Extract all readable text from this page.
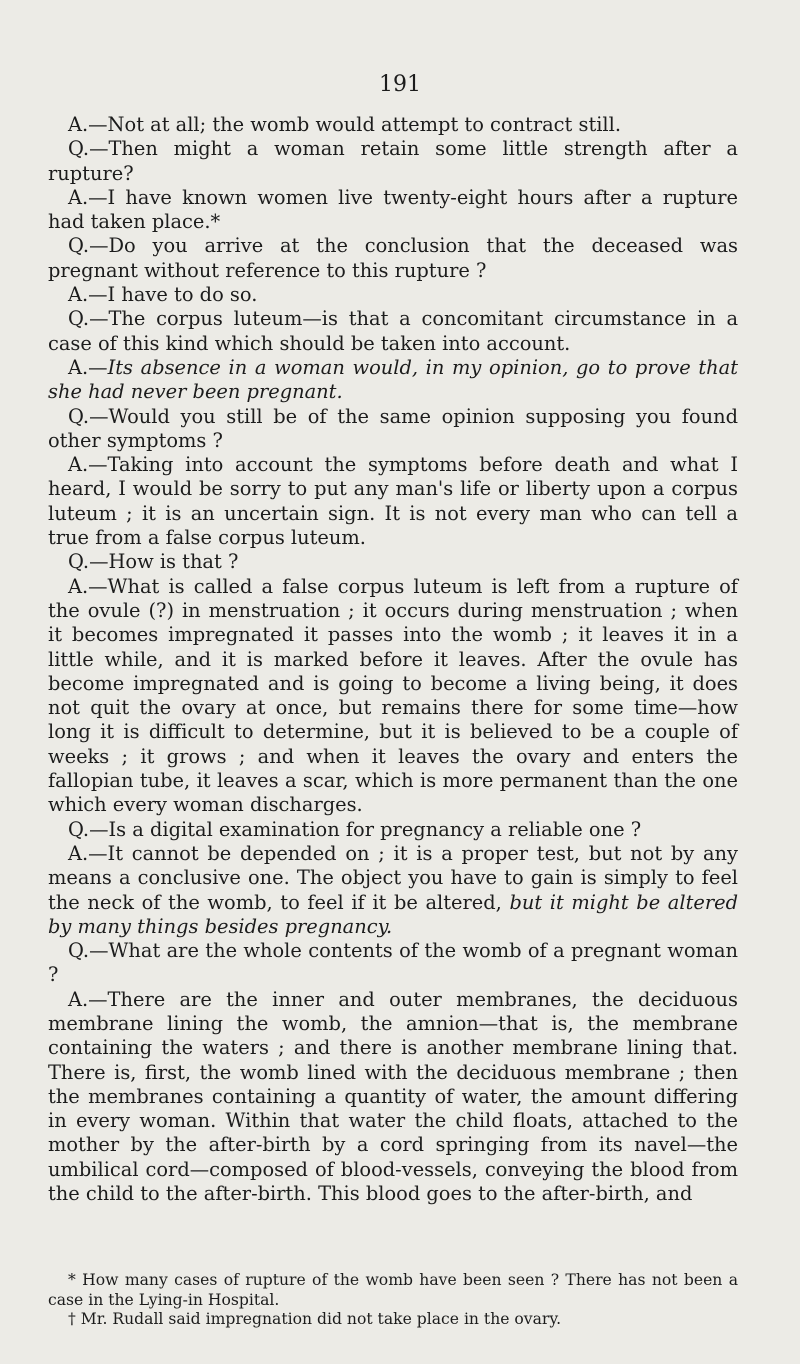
191

A.—Not at all; the womb would attempt to contract still.

Q.—Then might a woman retain some little strength after a rupture?

A.—I have known women live twenty-eight hours after a rupture had taken place.*

Q.—Do you arrive at the conclusion that the deceased was pregnant without reference to this rupture ?

A.—I have to do so.

Q.—The corpus luteum—is that a concomitant circumstance in a case of this kind which should be taken into account.

A.—Its absence in a woman would, in my opinion, go to prove that she had never been pregnant.

Q.—Would you still be of the same opinion supposing you found other symptoms ?

A.—Taking into account the symptoms before death and what I heard, I would be sorry to put any man's life or liberty upon a corpus luteum ; it is an uncertain sign. It is not every man who can tell a true from a false corpus luteum.

Q.—How is that ?

A.—What is called a false corpus luteum is left from a rupture of the ovule (?) in menstruation ; it occurs during menstruation ; when it becomes impregnated it passes into the womb ; it leaves it in a little while, and it is marked before it leaves. After the ovule has become impregnated and is going to become a living being, it does not quit the ovary at once, but remains there for some time—how long it is difficult to determine, but it is believed to be a couple of weeks ; it grows ; and when it leaves the ovary and enters the fallopian tube, it leaves a scar, which is more permanent than the one which every woman discharges.

Q.—Is a digital examination for pregnancy a reliable one ?

A.—It cannot be depended on ; it is a proper test, but not by any means a conclusive one. The object you have to gain is simply to feel the neck of the womb, to feel if it be altered, but it might be altered by many things besides pregnancy.

Q.—What are the whole contents of the womb of a pregnant woman ?

A.—There are the inner and outer membranes, the deciduous membrane lining the womb, the amnion—that is, the membrane containing the waters ; and there is another membrane lining that. There is, first, the womb lined with the deciduous membrane ; then the membranes containing a quantity of water, the amount differing in every woman. Within that water the child floats, attached to the mother by the after-birth by a cord springing from its navel—the umbilical cord—composed of blood-vessels, conveying the blood from the child to the after-birth. This blood goes to the after-birth, and

* How many cases of rupture of the womb have been seen ? There has not been a case in the Lying-in Hospital.

† Mr. Rudall said impregnation did not take place in the ovary.
